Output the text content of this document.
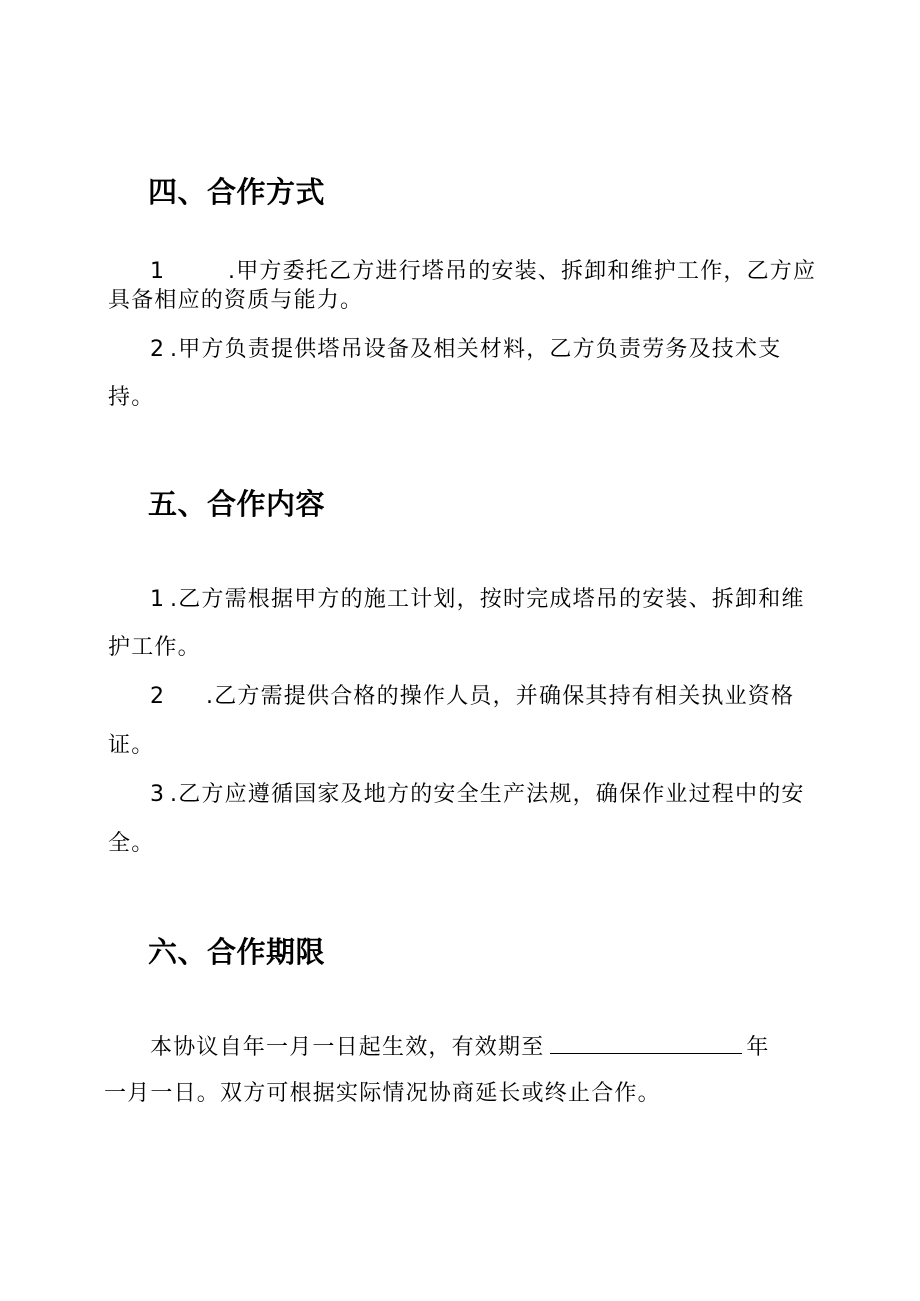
四、合作方式
1	.甲方委托乙方进行塔吊的安装、拆卸和维护工作，乙方应
具备相应的资质与能力。
2 .甲方负责提供塔吊设备及相关材料，乙方负责劳务及技术支
持。
五、合作内容
1 .乙方需根据甲方的施工计划，按时完成塔吊的安装、拆卸和维
护工作。
2 .乙方需提供合格的操作人员，并确保其持有相关执业资格
证。
3 .乙方应遵循国家及地方的安全生产法规，确保作业过程中的安
全。
六、合作期限
本协议自年一月一日起生效，有效期至	年
一月一日。双方可根据实际情况协商延长或终止合作。
